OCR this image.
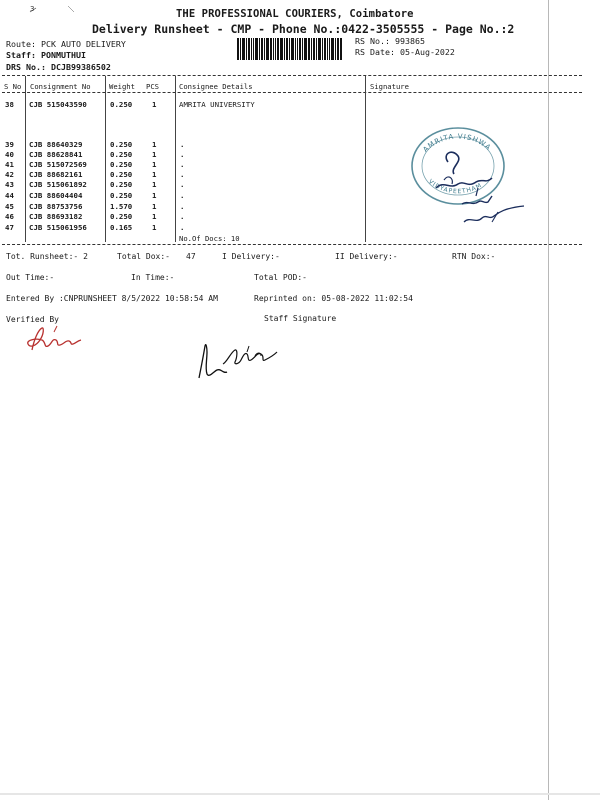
3	THE PROFESSIONAL COURIERS, Coimbatore
Delivery Runsheet - CMP - Phone No.:0422-3505555 - Page No.:2
Route: PCK AUTO DELIVERY
Staff: PONMUTHUI
DRS No.: DCJB99386502
RS No.: 993865
RS Date: 05-Aug-2022
S No Consignment No	Weight PCS	Consignee Details	Signature
38 CJB 515043590	0.250	1	AMRITA UNIVERSITY
39 CJB 88640329	0.250	1	.
40 CJB 88628841	0.250	1	.
41 CJB 515072569	0.250	1	.
42 CJB 88682161	0.250	1	.
43 CJB 515061892	0.250	1	.
44 CJB 88604404	0.250	1	.
45 CJB 88753756	1.570	1	.
46 CJB 88693182	0.250	1	.
47 CJB 515061956	0.165	1	.
No.Of Docs: 10
AMRITA VISHWA
VIDYAPEETHAM
Tot. Runsheet:- 2	Total Dox:- 47	I Delivery:-	II Delivery:-	RTN Dox:-
Out Time:-	In Time:-	Total POD:-
Entered By :CNPRUNSHEET 8/5/2022 10:58:54 AM	Reprinted on: 05-08-2022 11:02:54
Verified By	Staff Signature
